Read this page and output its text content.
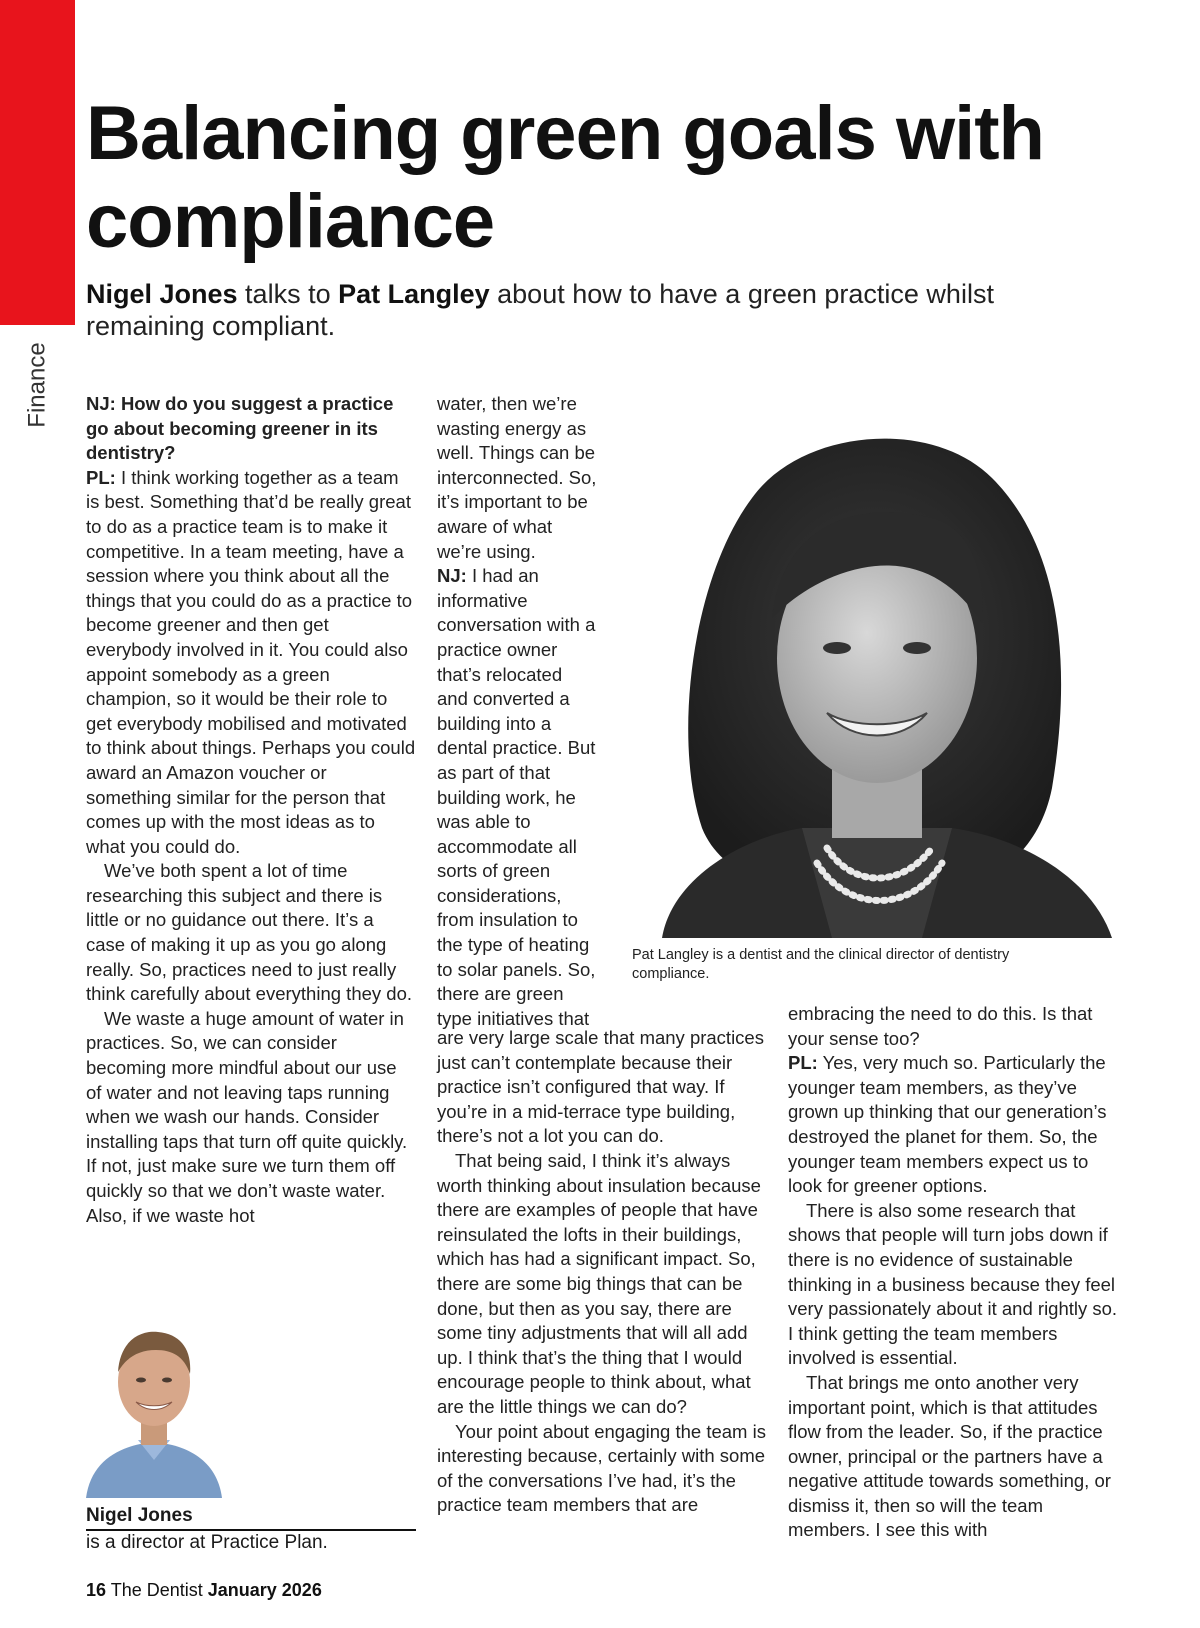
Finance
Balancing green goals with compliance

Nigel Jones talks to Pat Langley about how to have a green practice whilst remaining compliant.

NJ: How do you suggest a practice go about becoming greener in its dentistry?

PL: I think working together as a team is best. Something that’d be really great to do as a practice team is to make it competitive. In a team meeting, have a session where you think about all the things that you could do as a practice to become greener and then get everybody involved in it. You could also appoint somebody as a green champion, so it would be their role to get everybody mobilised and motivated to think about things. Perhaps you could award an Amazon voucher or something similar for the person that comes up with the most ideas as to what you could do.

We’ve both spent a lot of time researching this subject and there is little or no guidance out there. It’s a case of making it up as you go along really. So, practices need to just really think carefully about everything they do.

We waste a huge amount of water in practices. So, we can consider becoming more mindful about our use of water and not leaving taps running when we wash our hands. Consider installing taps that turn off quite quickly. If not, just make sure we turn them off quickly so that we don’t waste water. Also, if we waste hot

water, then we’re wasting energy as well. Things can be interconnected. So, it’s important to be aware of what we’re using.

NJ: I had an informative conversation with a practice owner that’s relocated and converted a building into a dental practice. But as part of that building work, he was able to accommodate all sorts of green considerations, from insulation to the type of heating to solar panels. So, there are green type initiatives that

are very large scale that many practices just can’t contemplate because their practice isn’t configured that way. If you’re in a mid-terrace type building, there’s not a lot you can do.

That being said, I think it’s always worth thinking about insulation because there are examples of people that have reinsulated the lofts in their buildings, which has had a significant impact. So, there are some big things that can be done, but then as you say, there are some tiny adjustments that will all add up. I think that’s the thing that I would encourage people to think about, what are the little things we can do?

Your point about engaging the team is interesting because, certainly with some of the conversations I’ve had, it’s the practice team members that are

embracing the need to do this. Is that your sense too?

PL: Yes, very much so. Particularly the younger team members, as they’ve grown up thinking that our generation’s destroyed the planet for them. So, the younger team members expect us to look for greener options.

There is also some research that shows that people will turn jobs down if there is no evidence of sustainable thinking in a business because they feel very passionately about it and rightly so. I think getting the team members involved is essential.

That brings me onto another very important point, which is that attitudes flow from the leader. So, if the practice owner, principal or the partners have a negative attitude towards something, or dismiss it, then so will the team members. I see this with

Pat Langley is a dentist and the clinical director of dentistry compliance.
Nigel Jones
is a director at Practice Plan.
16 The Dentist January 2026
